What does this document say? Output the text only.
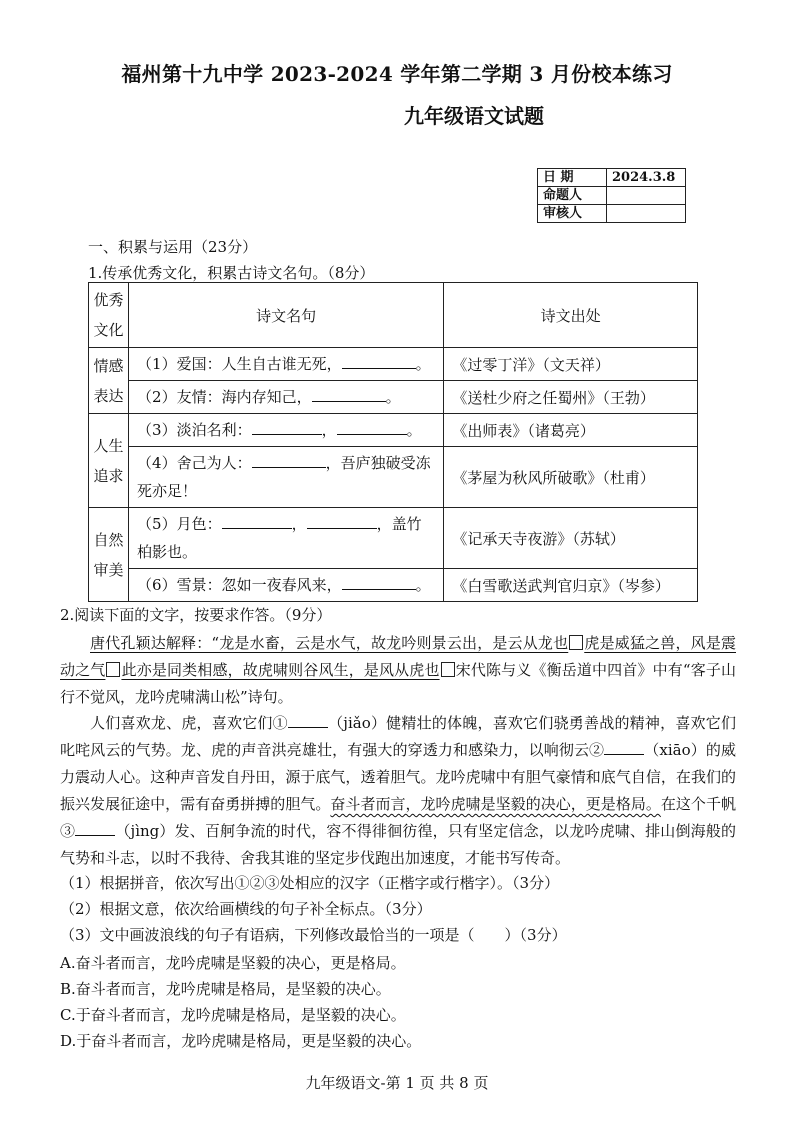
福州第十九中学 2023-2024 学年第二学期 3 月份校本练习
九年级语文试题
日 期	2024.3.8
命题人	
审核人	
一、积累与运用（23分）
1.传承优秀文化，积累古诗文名句。（8分）
优秀文化	诗文名句	诗文出处
情感表达	（1）爱国：人生自古谁无死， 。	《过零丁洋》（文天祥）
	（2）友情：海内存知己， 。	《送杜少府之任蜀州》（王勃）
人生追求	（3）淡泊名利： ， 。	《出师表》（诸葛亮）
	（4）舍己为人： ，吾庐独破受冻死亦足！	《茅屋为秋风所破歌》（杜甫）
自然审美	（5）月色： ， ，盖竹柏影也。	《记承天寺夜游》（苏轼）
	（6）雪景：忽如一夜春风来， 。	《白雪歌送武判官归京》（岑参）
2.阅读下面的文字，按要求作答。（9分）
唐代孔颖达解释：“龙是水畜，云是水气，故龙吟则景云出，是云从龙也 虎是威猛之兽，风是震动之气 此亦是同类相感，故虎啸则谷风生，是风从虎也 宋代陈与义《衡岳道中四首》中有“客子山行不觉风，龙吟虎啸满山松”诗句。
人们喜欢龙、虎，喜欢它们①	（jiǎo）健精壮的体魄，喜欢它们骁勇善战的精神，喜欢它们叱咤风云的气势。龙、虎的声音洪亮雄壮，有强大的穿透力和感染力，以响彻云②	（xiāo）的威力震动人心。这种声音发自丹田，源于底气，透着胆气。龙吟虎啸中有胆气豪情和底气自信，在我们的振兴发展征途中，需有奋勇拼搏的胆气。奋斗者而言，龙吟虎啸是坚毅的决心，更是格局。在这个千帆③	（jìng）发、百舸争流的时代，容不得徘徊彷徨，只有坚定信念，以龙吟虎啸、排山倒海般的气势和斗志，以时不我待、舍我其谁的坚定步伐跑出加速度，才能书写传奇。
（1）根据拼音，依次写出①②③处相应的汉字（正楷字或行楷字）。（3分）
（2）根据文意，依次给画横线的句子补全标点。（3分）
（3）文中画波浪线的句子有语病，下列修改最恰当的一项是（　　）（3分）
A.奋斗者而言，龙吟虎啸是坚毅的决心，更是格局。
B.奋斗者而言，龙吟虎啸是格局，是坚毅的决心。
C.于奋斗者而言，龙吟虎啸是格局，是坚毅的决心。
D.于奋斗者而言，龙吟虎啸是格局，更是坚毅的决心。
九年级语文-第 1 页 共 8 页
